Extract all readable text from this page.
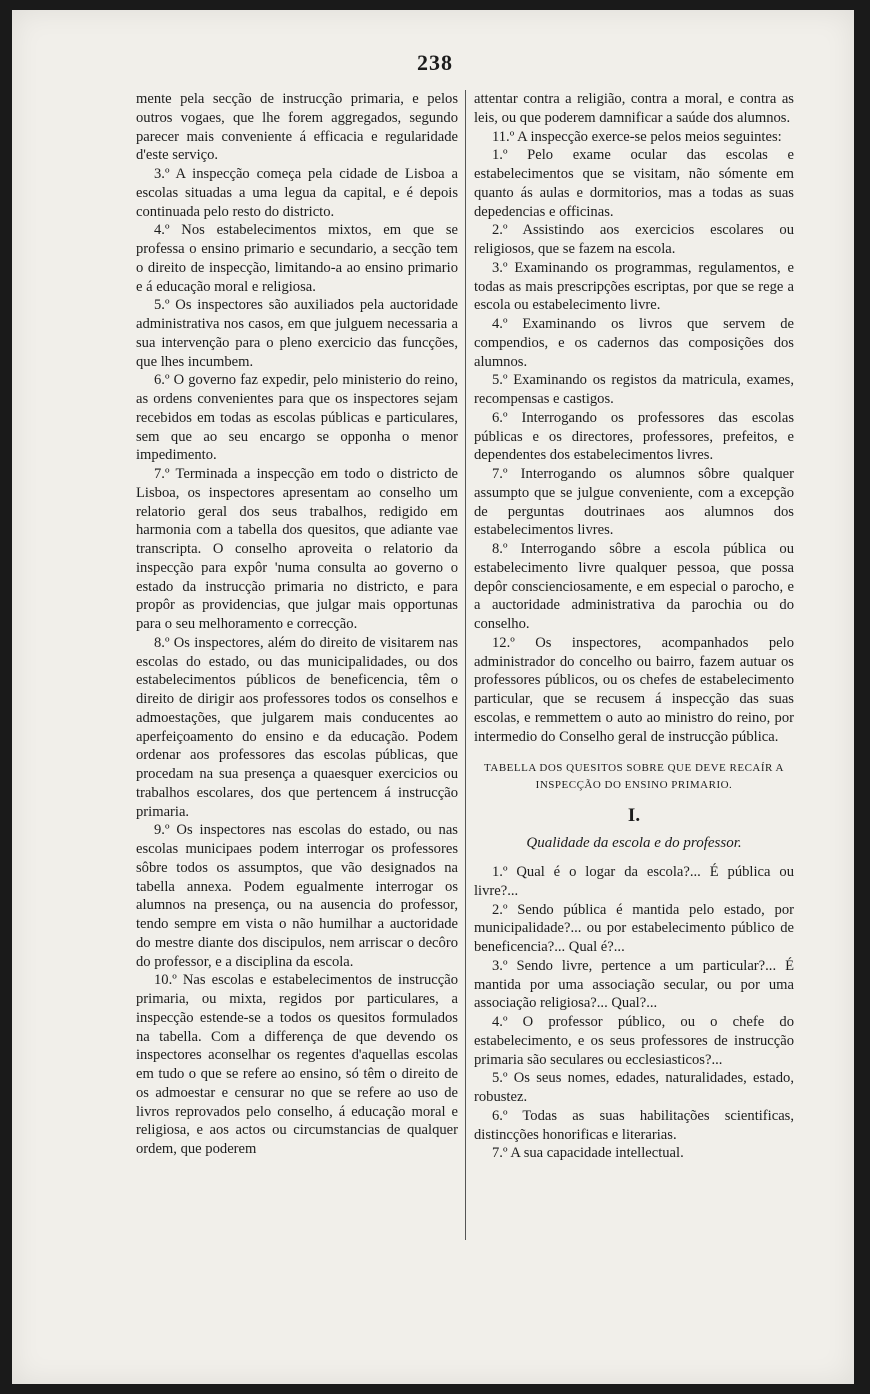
238

mente pela secção de instrucção primaria, e pelos outros vogaes, que lhe forem aggregados, segundo parecer mais conveniente á efficacia e regularidade d'este serviço.

3.º A inspecção começa pela cidade de Lisboa a escolas situadas a uma legua da capital, e é depois continuada pelo resto do districto.

4.º Nos estabelecimentos mixtos, em que se professa o ensino primario e secundario, a secção tem o direito de inspecção, limitando-a ao ensino primario e á educação moral e religiosa.

5.º Os inspectores são auxiliados pela auctoridade administrativa nos casos, em que julguem necessaria a sua intervenção para o pleno exercicio das funcções, que lhes incumbem.

6.º O governo faz expedir, pelo ministerio do reino, as ordens convenientes para que os inspectores sejam recebidos em todas as escolas públicas e particulares, sem que ao seu encargo se opponha o menor impedimento.

7.º Terminada a inspecção em todo o districto de Lisboa, os inspectores apresentam ao conselho um relatorio geral dos seus trabalhos, redigido em harmonia com a tabella dos quesitos, que adiante vae transcripta. O conselho aproveita o relatorio da inspecção para expôr 'numa consulta ao governo o estado da instrucção primaria no districto, e para propôr as providencias, que julgar mais opportunas para o seu melhoramento e correcção.

8.º Os inspectores, além do direito de visitarem nas escolas do estado, ou das municipalidades, ou dos estabelecimentos públicos de beneficencia, têm o direito de dirigir aos professores todos os conselhos e admoestações, que julgarem mais conducentes ao aperfeiçoamento do ensino e da educação. Podem ordenar aos professores das escolas públicas, que procedam na sua presença a quaesquer exercicios ou trabalhos escolares, dos que pertencem á instrucção primaria.

9.º Os inspectores nas escolas do estado, ou nas escolas municipaes podem interrogar os professores sôbre todos os assumptos, que vão designados na tabella annexa. Podem egualmente interrogar os alumnos na presença, ou na ausencia do professor, tendo sempre em vista o não humilhar a auctoridade do mestre diante dos discipulos, nem arriscar o decôro do professor, e a disciplina da escola.

10.º Nas escolas e estabelecimentos de instrucção primaria, ou mixta, regidos por particulares, a inspecção estende-se a todos os quesitos formulados na tabella. Com a differença de que devendo os inspectores aconselhar os regentes d'aquellas escolas em tudo o que se refere ao ensino, só têm o direito de os admoestar e censurar no que se refere ao uso de livros reprovados pelo conselho, á educação moral e religiosa, e aos actos ou circumstancias de qualquer ordem, que poderem

attentar contra a religião, contra a moral, e contra as leis, ou que poderem damnificar a saúde dos alumnos.

11.º A inspecção exerce-se pelos meios seguintes:

1.º Pelo exame ocular das escolas e estabelecimentos que se visitam, não sómente em quanto ás aulas e dormitorios, mas a todas as suas depedencias e officinas.

2.º Assistindo aos exercicios escolares ou religiosos, que se fazem na escola.

3.º Examinando os programmas, regulamentos, e todas as mais prescripções escriptas, por que se rege a escola ou estabelecimento livre.

4.º Examinando os livros que servem de compendios, e os cadernos das composições dos alumnos.

5.º Examinando os registos da matricula, exames, recompensas e castigos.

6.º Interrogando os professores das escolas públicas e os directores, professores, prefeitos, e dependentes dos estabelecimentos livres.

7.º Interrogando os alumnos sôbre qualquer assumpto que se julgue conveniente, com a excepção de perguntas doutrinaes aos alumnos dos estabelecimentos livres.

8.º Interrogando sôbre a escola pública ou estabelecimento livre qualquer pessoa, que possa depôr conscienciosamente, e em especial o parocho, e a auctoridade administrativa da parochia ou do conselho.

12.º Os inspectores, acompanhados pelo administrador do concelho ou bairro, fazem autuar os professores públicos, ou os chefes de estabelecimento particular, que se recusem á inspecção das suas escolas, e remmettem o auto ao ministro do reino, por intermedio do Conselho geral de instrucção pública.

TABELLA DOS QUESITOS SOBRE QUE DEVE RECAÍR A INSPECÇÃO DO ENSINO PRIMARIO.

I.

Qualidade da escola e do professor.

1.º Qual é o logar da escola?... É pública ou livre?...

2.º Sendo pública é mantida pelo estado, por municipalidade?... ou por estabelecimento público de beneficencia?... Qual é?...

3.º Sendo livre, pertence a um particular?... É mantida por uma associação secular, ou por uma associação religiosa?... Qual?...

4.º O professor público, ou o chefe do estabelecimento, e os seus professores de instrucção primaria são seculares ou ecclesiasticos?...

5.º Os seus nomes, edades, naturalidades, estado, robustez.

6.º Todas as suas habilitações scientificas, distincções honorificas e literarias.

7.º A sua capacidade intellectual.
